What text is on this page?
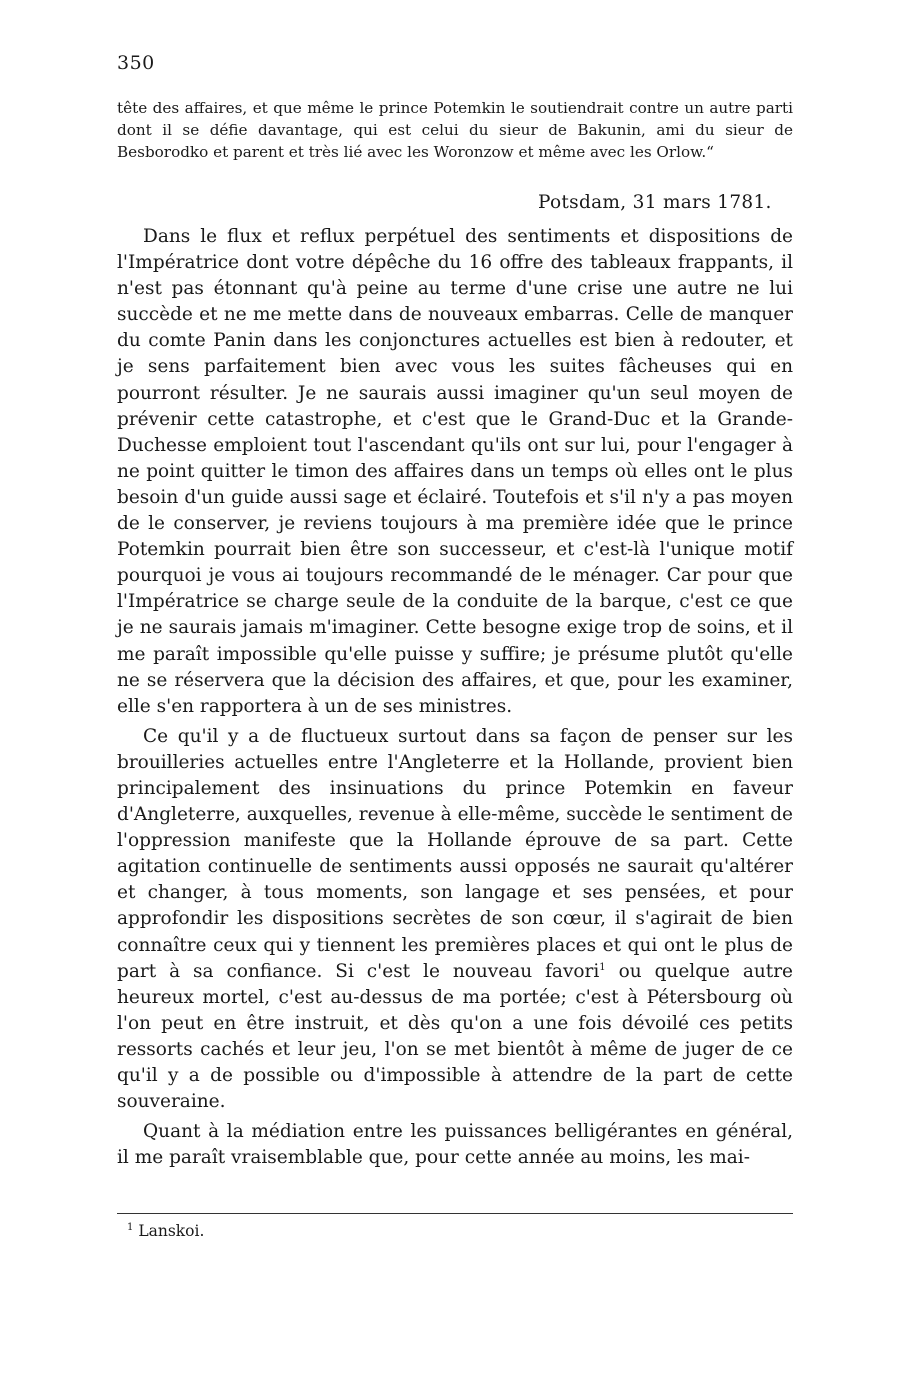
350

tête des affaires, et que même le prince Potemkin le soutiendrait contre un autre parti dont il se défie davantage, qui est celui du sieur de Bakunin, ami du sieur de Besborodko et parent et très lié avec les Woronzow et même avec les Orlow.“

Potsdam, 31 mars 1781.

Dans le flux et reflux perpétuel des sentiments et dispositions de l'Impératrice dont votre dépêche du 16 offre des tableaux frappants, il n'est pas étonnant qu'à peine au terme d'une crise une autre ne lui succède et ne me mette dans de nouveaux embarras. Celle de manquer du comte Panin dans les conjonctures actuelles est bien à redouter, et je sens parfaitement bien avec vous les suites fâcheuses qui en pourront résulter. Je ne saurais aussi imaginer qu'un seul moyen de prévenir cette catastrophe, et c'est que le Grand-Duc et la Grande-Duchesse emploient tout l'ascendant qu'ils ont sur lui, pour l'engager à ne point quitter le timon des affaires dans un temps où elles ont le plus besoin d'un guide aussi sage et éclairé. Toutefois et s'il n'y a pas moyen de le conserver, je reviens toujours à ma première idée que le prince Potemkin pourrait bien être son successeur, et c'est-là l'unique motif pourquoi je vous ai toujours recommandé de le ménager. Car pour que l'Impératrice se charge seule de la conduite de la barque, c'est ce que je ne saurais jamais m'imaginer. Cette besogne exige trop de soins, et il me paraît impossible qu'elle puisse y suffire; je présume plutôt qu'elle ne se réservera que la décision des affaires, et que, pour les examiner, elle s'en rapportera à un de ses ministres.

Ce qu'il y a de fluctueux surtout dans sa façon de penser sur les brouilleries actuelles entre l'Angleterre et la Hollande, provient bien principalement des insinuations du prince Potemkin en faveur d'Angleterre, auxquelles, revenue à elle-même, succède le sentiment de l'oppression manifeste que la Hollande éprouve de sa part. Cette agitation continuelle de sentiments aussi opposés ne saurait qu'altérer et changer, à tous moments, son langage et ses pensées, et pour approfondir les dispositions secrètes de son cœur, il s'agirait de bien connaître ceux qui y tiennent les premières places et qui ont le plus de part à sa confiance. Si c'est le nouveau favori$^1$ ou quelque autre heureux mortel, c'est au-dessus de ma portée; c'est à Pétersbourg où l'on peut en être instruit, et dès qu'on a une fois dévoilé ces petits ressorts cachés et leur jeu, l'on se met bientôt à même de juger de ce qu'il y a de possible ou d'impossible à attendre de la part de cette souveraine.

Quant à la médiation entre les puissances belligérantes en général, il me paraît vraisemblable que, pour cette année au moins, les mai-

$^1$ Lanskoi.
